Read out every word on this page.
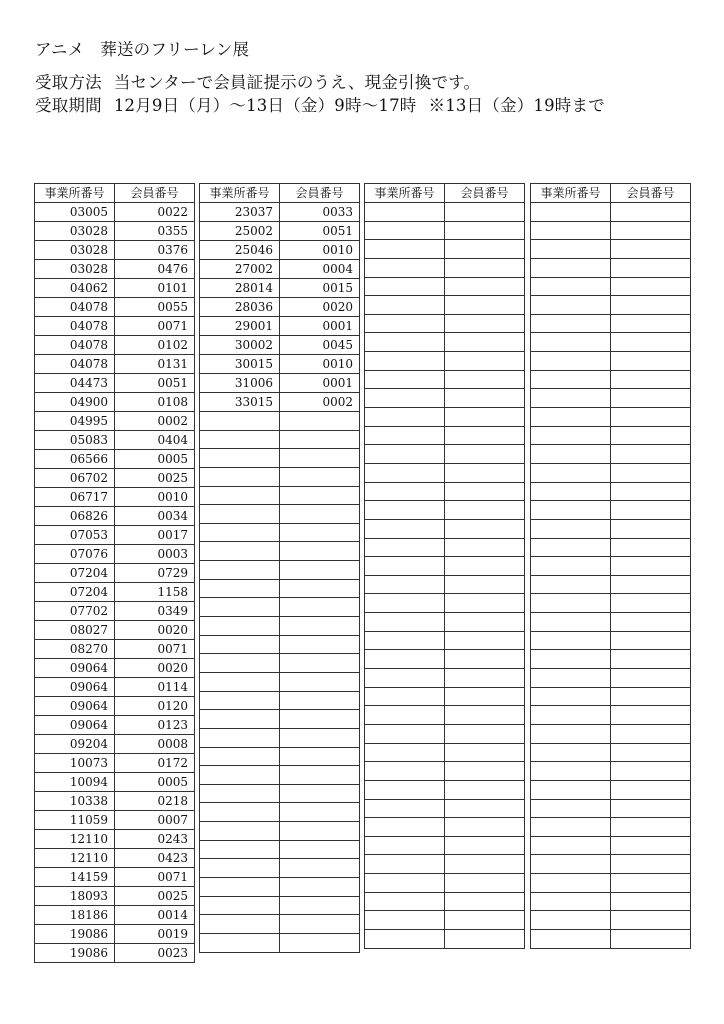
アニメ 葬送のフリーレン展
受取方法 当センターで会員証提示のうえ、現金引換です。
受取期間 12月9日（月）～13日（金）9時～17時 ※13日（金）19時まで
事業所番号	会員番号
03005	0022
03028	0355
03028	0376
03028	0476
04062	0101
04078	0055
04078	0071
04078	0102
04078	0131
04473	0051
04900	0108
04995	0002
05083	0404
06566	0005
06702	0025
06717	0010
06826	0034
07053	0017
07076	0003
07204	0729
07204	1158
07702	0349
08027	0020
08270	0071
09064	0020
09064	0114
09064	0120
09064	0123
09204	0008
10073	0172
10094	0005
10338	0218
11059	0007
12110	0243
12110	0423
14159	0071
18093	0025
18186	0014
19086	0019
19086	0023
事業所番号	会員番号
23037	0033
25002	0051
25046	0010
27002	0004
28014	0015
28036	0020
29001	0001
30002	0045
30015	0010
31006	0001
33015	0002

事業所番号	会員番号

		事業所番号	会員番号
